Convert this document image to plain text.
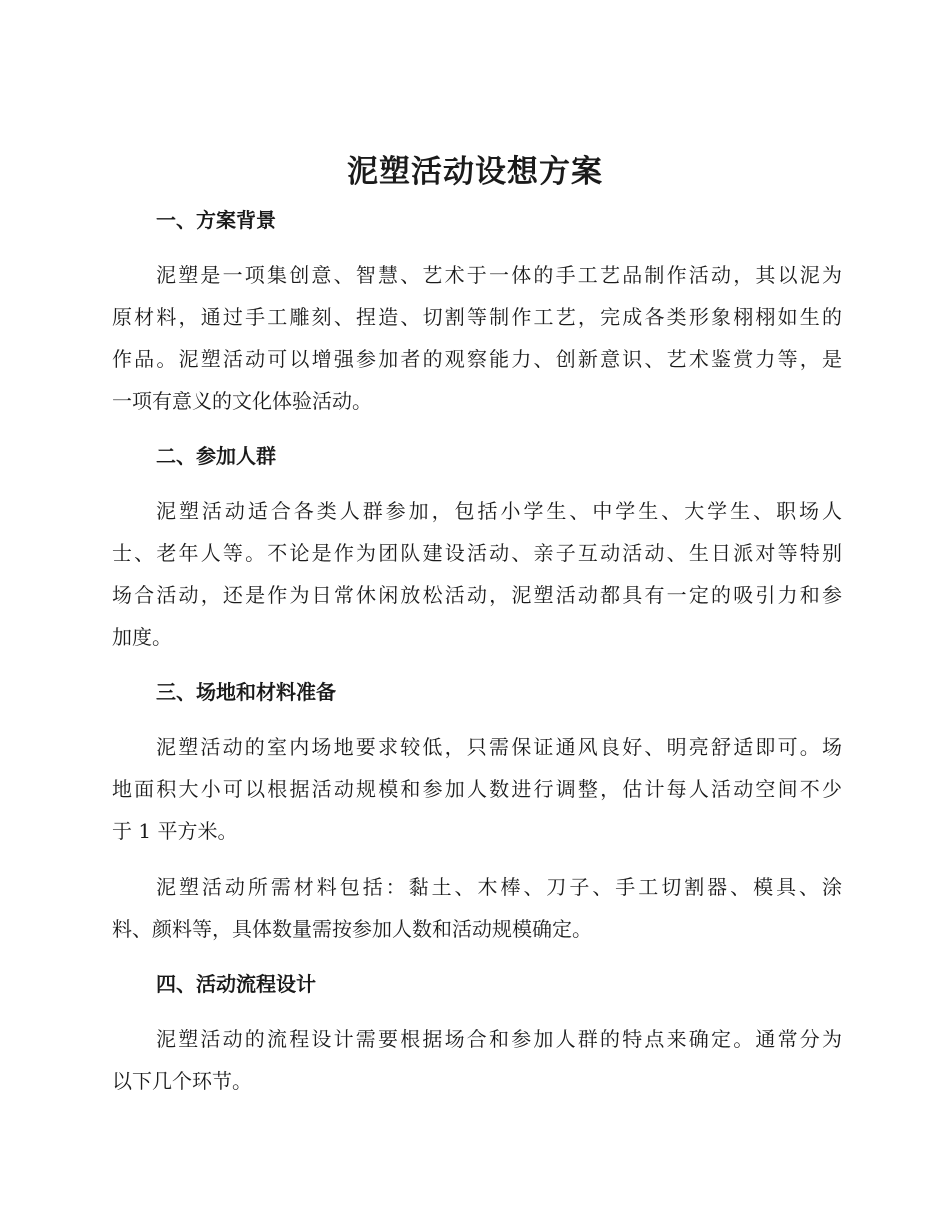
泥塑活动设想方案
一、方案背景

泥塑是一项集创意、智慧、艺术于一体的手工艺品制作活动，其以泥为
原材料，通过手工雕刻、捏造、切割等制作工艺，完成各类形象栩栩如生的
作品。泥塑活动可以增强参加者的观察能力、创新意识、艺术鉴赏力等，是
一项有意义的文化体验活动。

二、参加人群

泥塑活动适合各类人群参加，包括小学生、中学生、大学生、职场人
士、老年人等。不论是作为团队建设活动、亲子互动活动、生日派对等特别
场合活动，还是作为日常休闲放松活动，泥塑活动都具有一定的吸引力和参
加度。

三、场地和材料准备

泥塑活动的室内场地要求较低，只需保证通风良好、明亮舒适即可。场
地面积大小可以根据活动规模和参加人数进行调整，估计每人活动空间不少
于 1 平方米。

泥塑活动所需材料包括：黏土、木棒、刀子、手工切割器、模具、涂
料、颜料等，具体数量需按参加人数和活动规模确定。

四、活动流程设计

泥塑活动的流程设计需要根据场合和参加人群的特点来确定。通常分为
以下几个环节。
